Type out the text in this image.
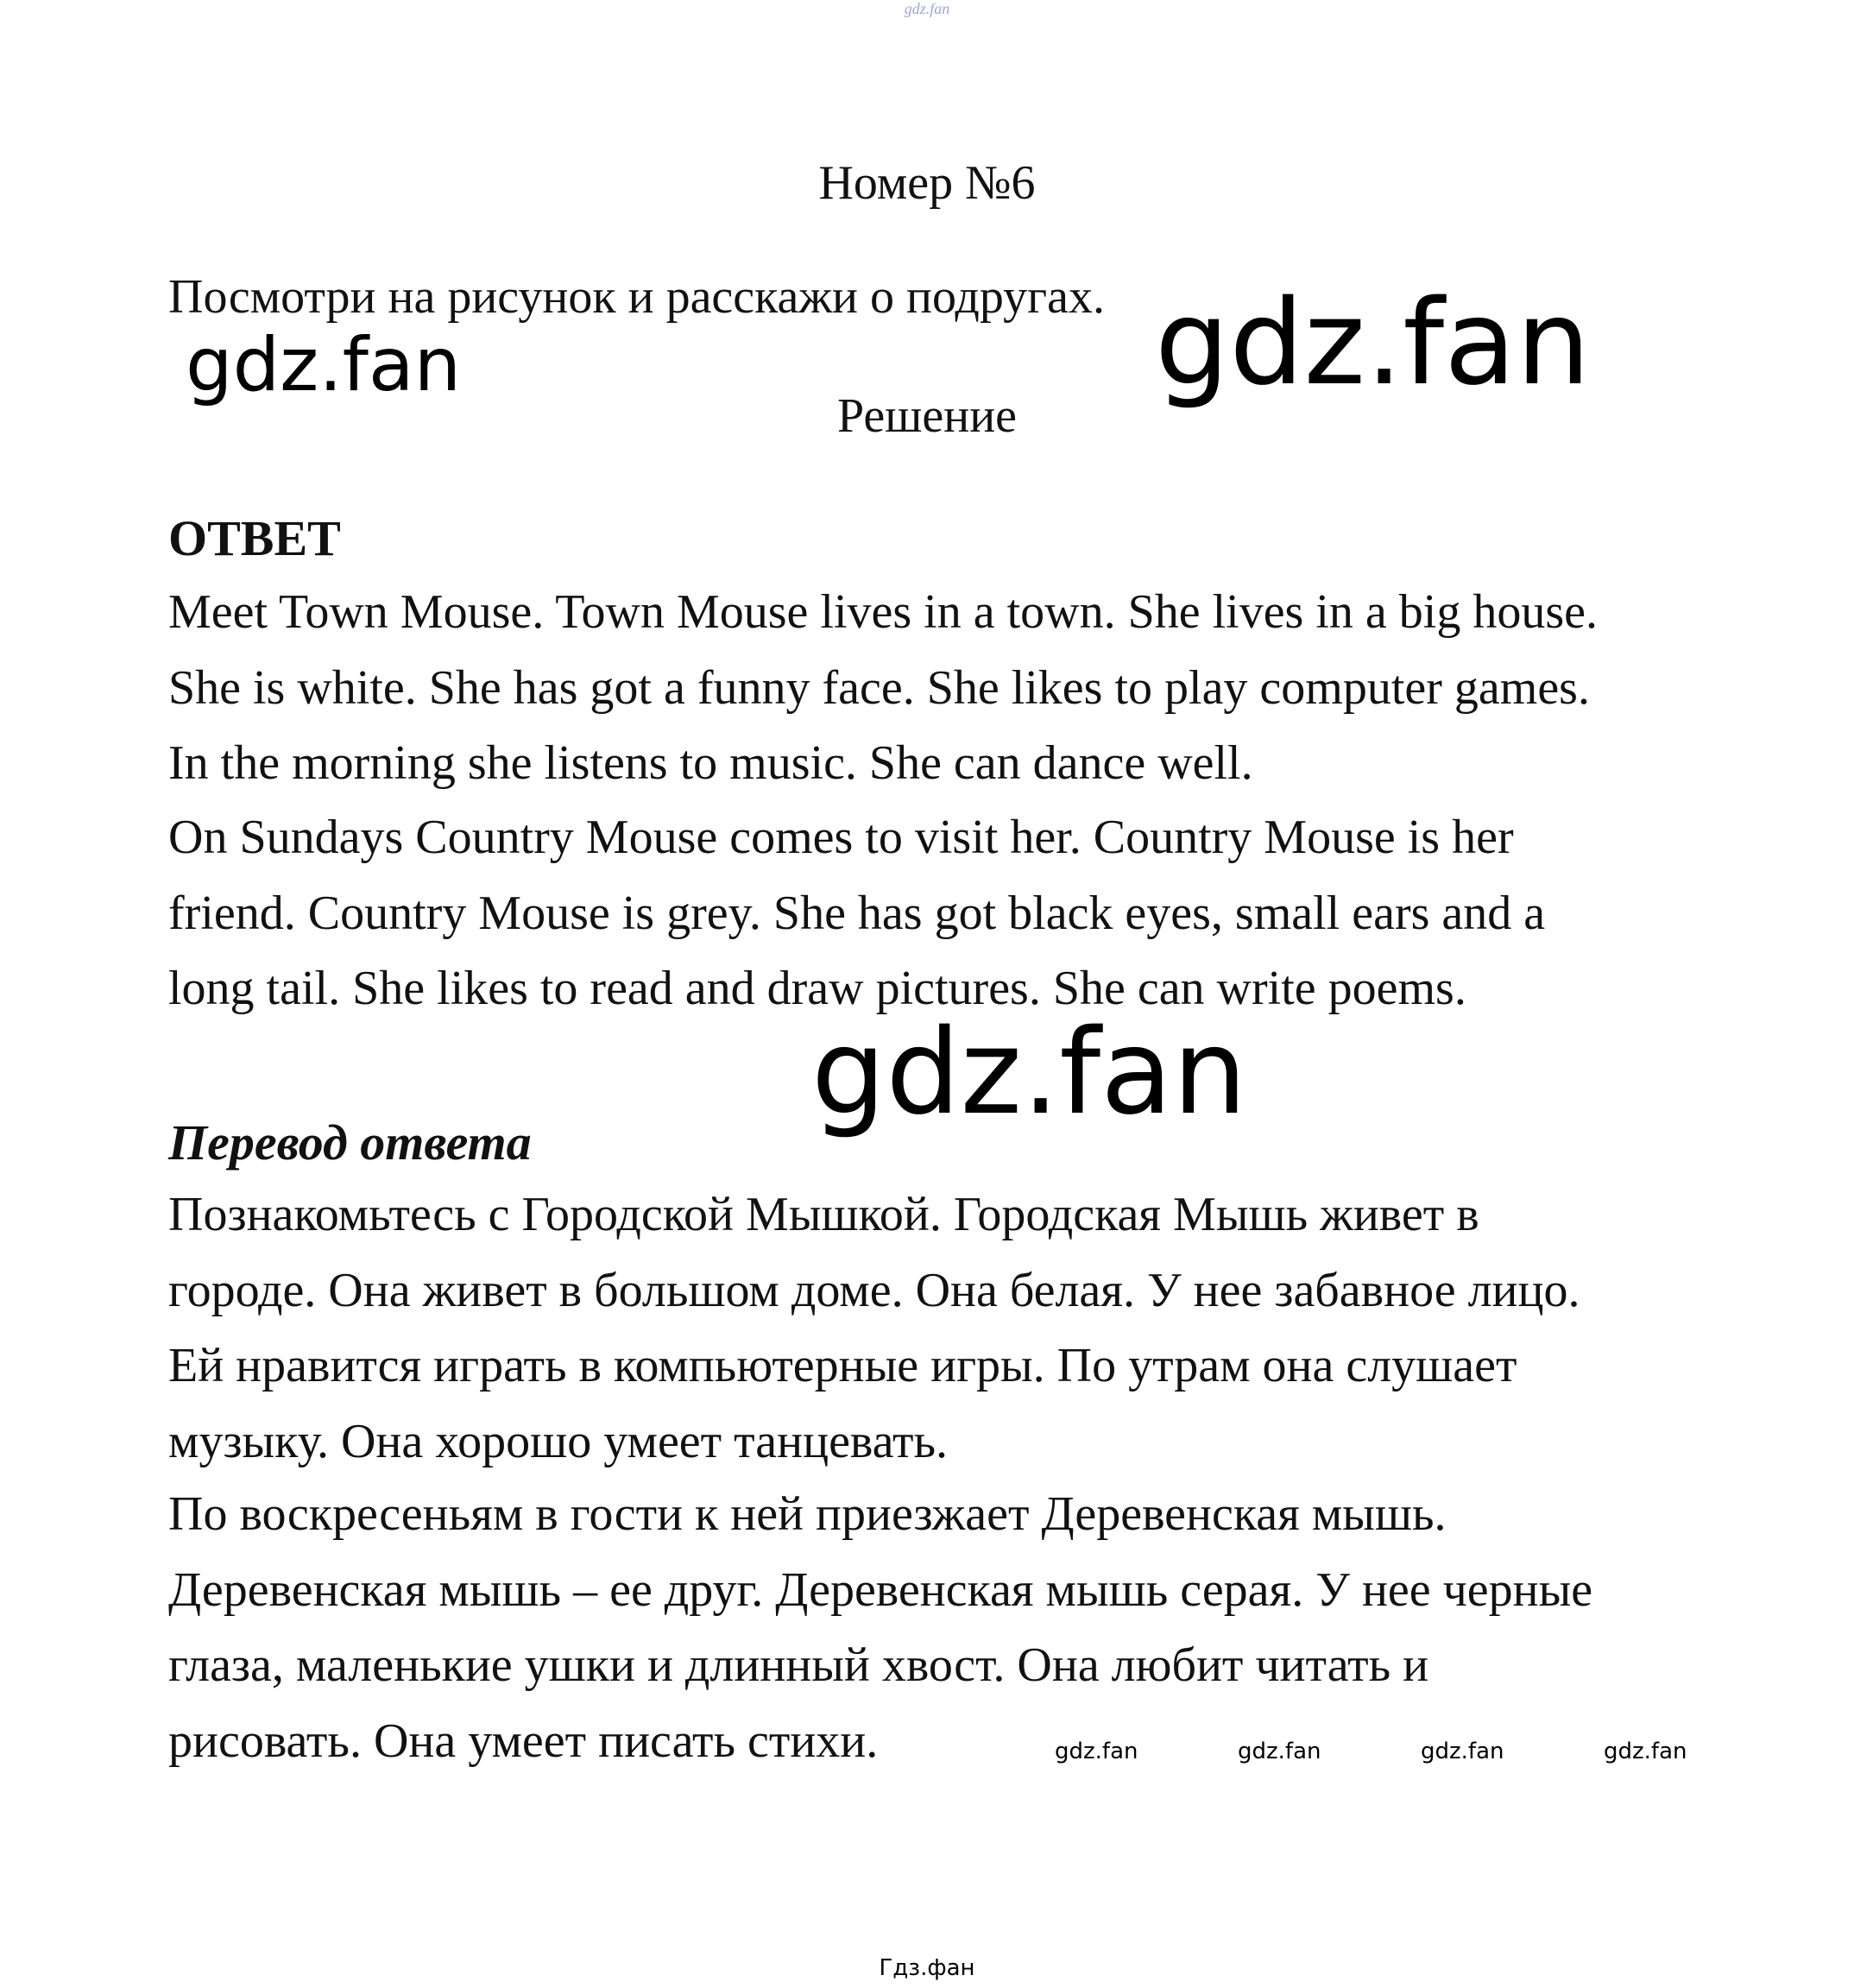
gdz.fan
Номер №6
Посмотри на рисунок и расскажи о подругах. gdz.fan
gdz.fan
Решение
ОТВЕТ
Meet Town Mouse. Town Mouse lives in a town. She lives in a big house.
She is white. She has got a funny face. She likes to play computer games.
In the morning she listens to music. She can dance well.
On Sundays Country Mouse comes to visit her. Country Mouse is her
friend. Country Mouse is grey. She has got black eyes, small ears and a
long tail. She likes to read and draw pictures. She can write poems.
gdz.fan
Перевод ответа
Познакомьтесь с Городской Мышкой. Городская Мышь живет в
городе. Она живет в большом доме. Она белая. У нее забавное лицо.
Ей нравится играть в компьютерные игры. По утрам она слушает
музыку. Она хорошо умеет танцевать.
По воскресеньям в гости к ней приезжает Деревенская мышь.
Деревенская мышь – ее друг. Деревенская мышь серая. У нее черные
глаза, маленькие ушки и длинный хвост. Она любит читать и
рисовать. Она умеет писать стихи.	gdz.fan	gdz.fan	gdz.fan	gdz.fan
Гдз.фан
